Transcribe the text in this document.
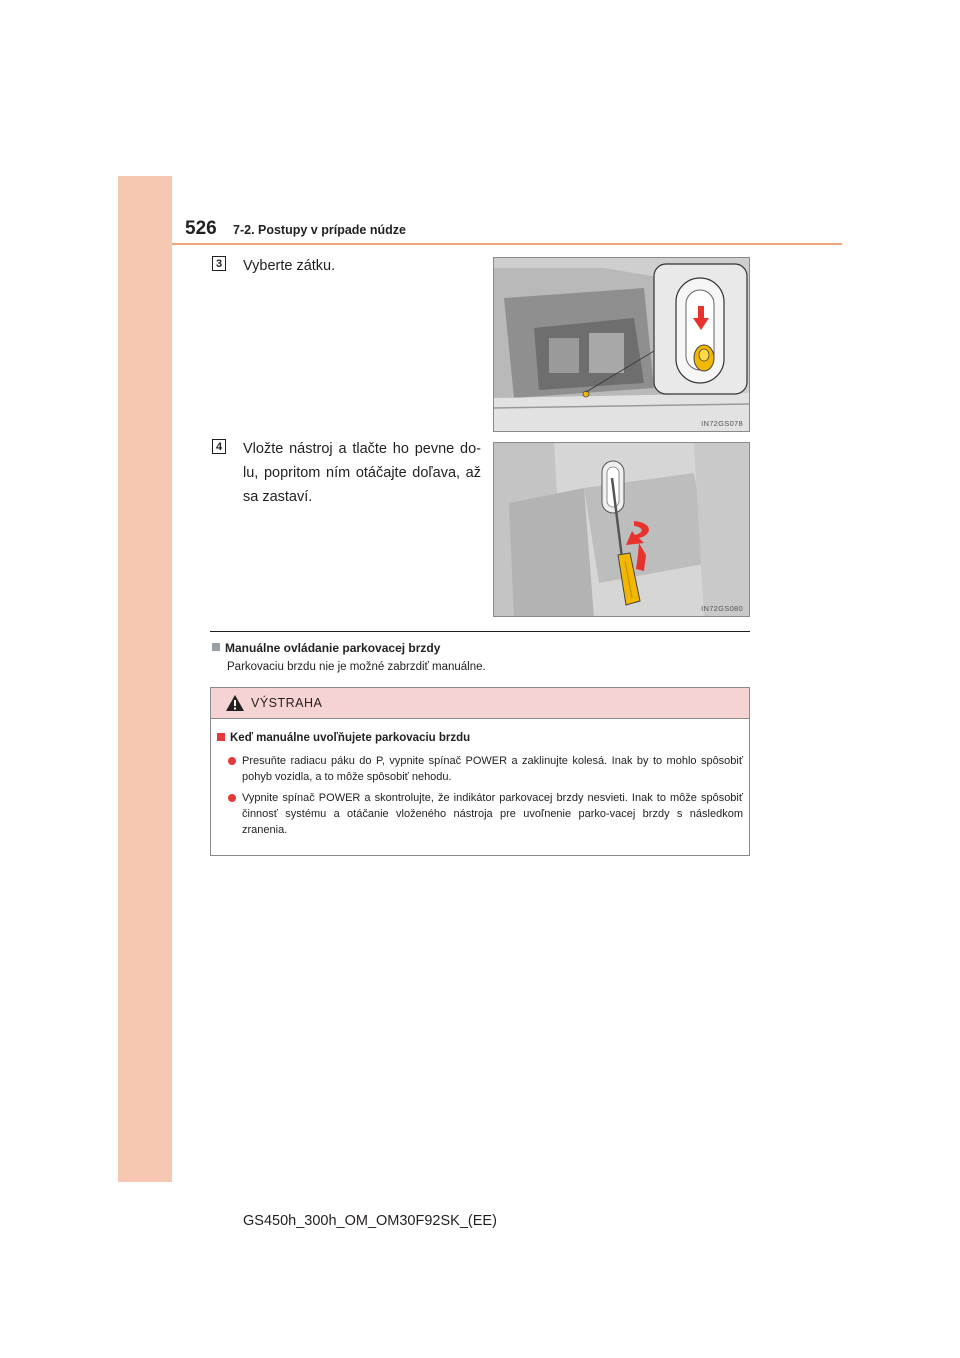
526 7-2. Postupy v prípade núdze
3 Vyberte zátku.
IN72GS078
4 Vložte nástroj a tlačte ho pevne do-lu, popritom ním otáčajte doľava, až sa zastaví.
IN72GS080
Manuálne ovládanie parkovacej brzdy
Parkovaciu brzdu nie je možné zabrzdiť manuálne.
VÝSTRAHA
Keď manuálne uvoľňujete parkovaciu brzdu
Presuňte radiacu páku do P, vypnite spínač POWER a zaklinujte kolesá. Inak by to mohlo spôsobiť pohyb vozidla, a to môže spôsobiť nehodu.
Vypnite spínač POWER a skontrolujte, že indikátor parkovacej brzdy nesvieti. Inak to môže spôsobiť činnosť systému a otáčanie vloženého nástroja pre uvoľnenie parko-vacej brzdy s následkom zranenia.
GS450h_300h_OM_OM30F92SK_(EE)
